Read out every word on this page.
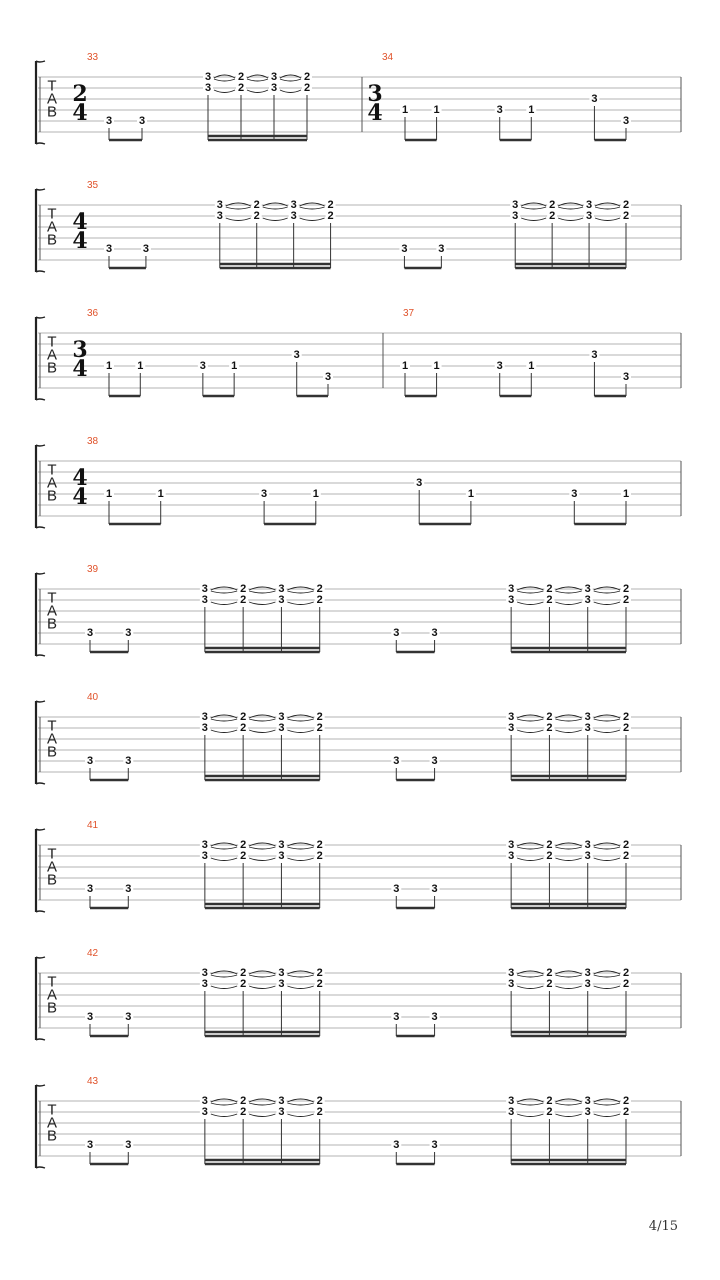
T
A
B
33
2
4 3 3
3
3
2
2
3
3
2
2
34
3
4 1 1	3 1
3
3
T
A
B
35
4
4 3	3
3
3
2
2
3
3
2
2
3	3
3
3
2
2
3
3
2
2
T
A
B
36
3
4 1 1	3 1
3
3
37
1 1	3 1
3
3
T
A
B
38
4
4 1	1	3	1
3
1	3	1
T
A
B
39
3	3
3
3
2
2
3
3
2
2
3	3
3
3
2
2
3
3
2
2
T
A
B
40
3	3
3
3
2
2
3
3
2
2
3	3
3
3
2
2
3
3
2
2
T
A
B
41
3	3
3
3
2
2
3
3
2
2
3	3
3
3
2
2
3
3
2
2
T
A
B
42
3	3
3
3
2
2
3
3
2
2
3	3
3
3
2
2
3
3
2
2
T
A
B
43
3	3
3
3
2
2
3
3
2
2
3	3
3
3
2
2
3
3
2
2
4/15
